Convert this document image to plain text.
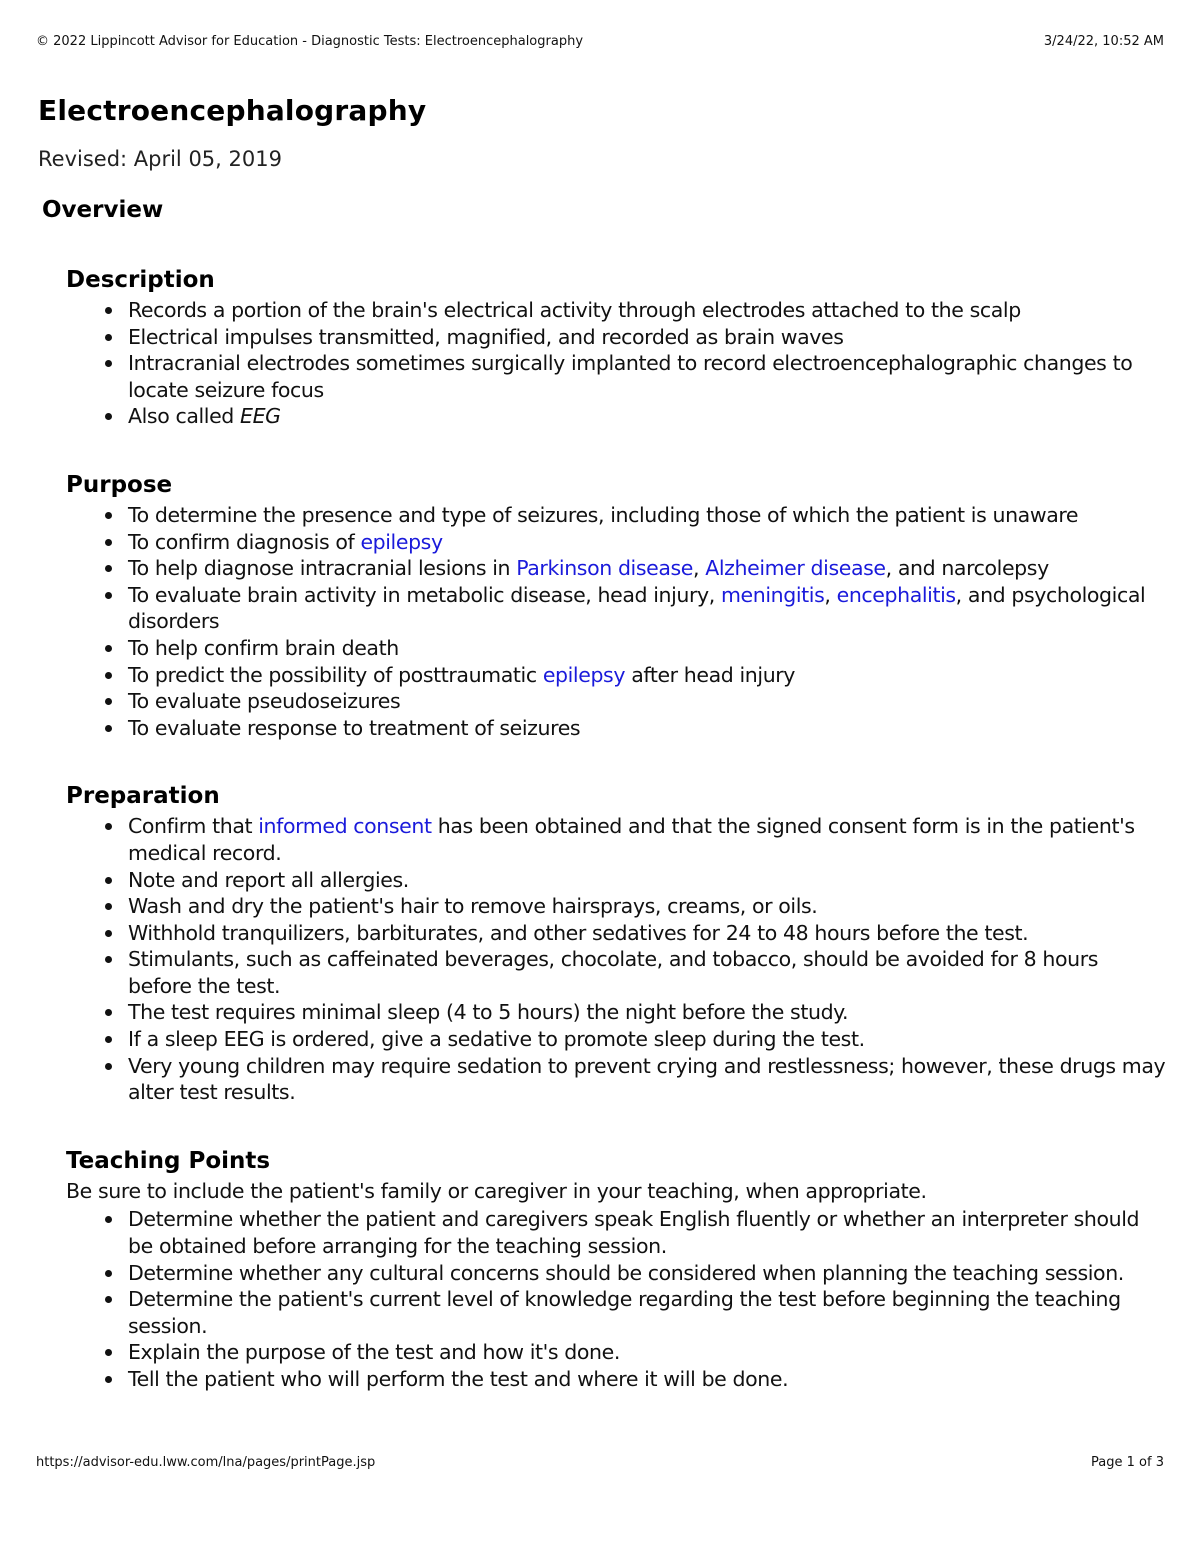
© 2022 Lippincott Advisor for Education - Diagnostic Tests: Electroencephalography	3/24/22, 10:52 AM
Electroencephalography
Revised: April 05, 2019
Overview
Description
Records a portion of the brain's electrical activity through electrodes attached to the scalp
Electrical impulses transmitted, magnified, and recorded as brain waves
Intracranial electrodes sometimes surgically implanted to record electroencephalographic changes to locate seizure focus
Also called EEG
Purpose
To determine the presence and type of seizures, including those of which the patient is unaware
To confirm diagnosis of epilepsy
To help diagnose intracranial lesions in Parkinson disease, Alzheimer disease, and narcolepsy
To evaluate brain activity in metabolic disease, head injury, meningitis, encephalitis, and psychological disorders
To help confirm brain death
To predict the possibility of posttraumatic epilepsy after head injury
To evaluate pseudoseizures
To evaluate response to treatment of seizures
Preparation
Confirm that informed consent has been obtained and that the signed consent form is in the patient's medical record.
Note and report all allergies.
Wash and dry the patient's hair to remove hairsprays, creams, or oils.
Withhold tranquilizers, barbiturates, and other sedatives for 24 to 48 hours before the test.
Stimulants, such as caffeinated beverages, chocolate, and tobacco, should be avoided for 8 hours before the test.
The test requires minimal sleep (4 to 5 hours) the night before the study.
If a sleep EEG is ordered, give a sedative to promote sleep during the test.
Very young children may require sedation to prevent crying and restlessness; however, these drugs may alter test results.
Teaching Points
Be sure to include the patient's family or caregiver in your teaching, when appropriate.
Determine whether the patient and caregivers speak English fluently or whether an interpreter should be obtained before arranging for the teaching session.
Determine whether any cultural concerns should be considered when planning the teaching session.
Determine the patient's current level of knowledge regarding the test before beginning the teaching session.
Explain the purpose of the test and how it's done.
Tell the patient who will perform the test and where it will be done.
https://advisor-edu.lww.com/lna/pages/printPage.jsp	Page 1 of 3
